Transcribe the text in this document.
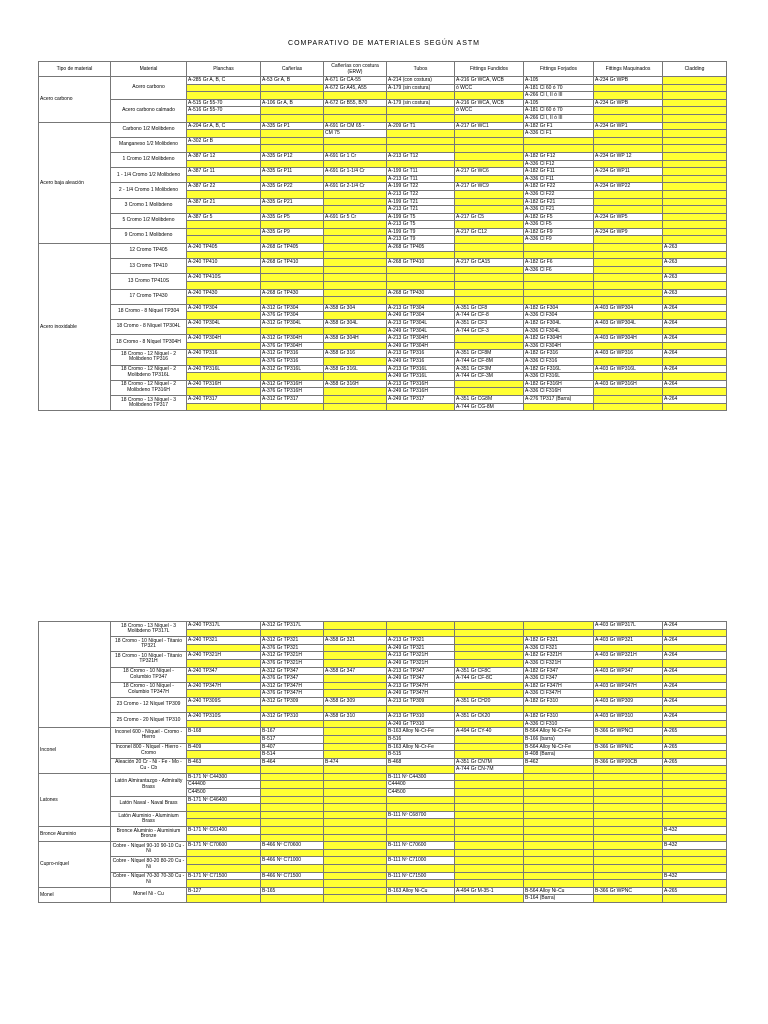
COMPARATIVO DE MATERIALES SEGÚN ASTM
Tipo de material	Material	Planchas	Cañerías	Cañerías con costura (ERW)	Tubos	Fittings Fundidos	Fittings Forjados	Fittings Maquinados	Cladding
Acero carbono	Acero carbono	A-285 Gr A, B, C	A-53 Gr A, B	A-671 Gr CA-55	A-214 (con costura)	A-216 Gr WCA, WCB	A-105	A-234 Gr WPB	
				A-672 Gr A45, A55	A-179 (sin costura)	ó WCC	A-181 Cl 60 ó 70		
							A-266 Cl I, II ó III		
	Acero carbono calmado	A-515 Gr 55-70	A-106 Gr A, B	A-672 Gr B55, B70	A-179 (sin costura)	A-216 Gr WCA, WCB	A-105	A-234 Gr WPB	
		A-516 Gr 55-70				ó WCC	A-181 Cl 60 ó 70		
							A-266 Cl I, II ó III		
Acero baja aleación	Carbono 1/2 Molibdeno	A-204 Gr A, B, C	A-335 Gr P1	A-691 Gr CM 65 -	A-209 Gr T1	A-217 Gr WC1	A-182 Gr F1	A-234 Gr WP1	
				CM 75			A-336 Cl F1		
	Manganeso 1/2 Molibdeno	A-302 Gr B							

	1 Cromo 1/2 Molibdeno	A-387 Gr 12	A-335 Gr P12	A-691 Gr 1 Cr	A-213 Gr T12		A-182 Gr F12	A-234 Gr WP 12	
							A-336 Cl F12		
	1 - 1/4 Cromo 1/2 Molibdeno	A-387 Gr 11	A-335 Gr P11	A-691 Gr 1-1/4 Cr	A-199 Gr T11	A-217 Gr WC6	A-182 Gr F11	A-234 Gr WP11	
					A-213 Gr T11		A-336 Cl F11		
	2 - 1/4 Cromo 1 Molibdeno	A-387 Gr 22	A-335 Gr P22	A-691 Gr 2-1/4 Cr	A-199 Gr T22	A-217 Gr WC9	A-182 Gr F22	A-234 Gr WP22	
					A-213 Gr T22		A-336 Cl F22		
	3 Cromo 1 Molibdeno	A-387 Gr 21	A-335 Gr P21		A-199 Gr T21		A-182 Gr F21		
					A-213 Gr T21		A-336 Cl F21		
	5 Cromo 1/2 Molibdeno	A-387 Gr 5	A-335 Gr P5	A-691 Gr 5 Cr	A-199 Gr T5	A-217 Gr C5	A-182 Gr F5	A-234 Gr WP5	
					A-213 Gr T5		A-336 Cl F5		
	9 Cromo 1 Molibdeno		A-335 Gr P9		A-199 Gr T9	A-217 Gr C12	A-182 Gr F9	A-234 Gr WP9	
					A-213 Gr T9		A-336 Cl F9		
Acero inoxidable	12 Cromo TP405	A-240 TP405	A-268 Gr TP405		A-268 Gr TP405				A-263

	13 Cromo TP410	A-240 TP410	A-268 Gr TP410		A-268 Gr TP410	A-217 Gr CA15	A-182 Gr F6		A-263
							A-336 Cl F6		
	13 Cromo TP410S	A-240 TP410S							A-263

	17 Cromo TP430	A-240 TP430	A-268 Gr TP430		A-268 Gr TP430				A-263

	18 Cromo - 8 Níquel TP304	A-240 TP304	A-312 Gr TP304	A-358 Gr 304	A-213 Gr TP304	A-351 Gr CF8	A-182 Gr F304	A-403 Gr WP304	A-264
			A-376 Gr TP304		A-249 Gr TP304	A-744 Gr CF-8	A-336 Cl F304		
	18 Cromo - 8 Níquel TP304L	A-240 TP304L	A-312 Gr TP304L	A-358 Gr 304L	A-213 Gr TP304L	A-351 Gr CF3	A-182 Gr F304L	A-403 Gr WP304L	A-264
					A-249 Gr TP304L	A-744 Gr CF-3	A-336 Cl F304L		
	18 Cromo - 8 Níquel TP304H	A-240 TP304H	A-312 Gr TP304H	A-358 Gr 304H	A-213 Gr TP304H		A-182 Gr F304H	A-403 Gr WP304H	A-264
			A-376 Gr TP304H		A-249 Gr TP304H		A-336 Cl F304H		
	18 Cromo - 12 Níquel - 2 Molibdeno TP316	A-240 TP316	A-312 Gr TP316	A-358 Gr 316	A-213 Gr TP316	A-351 Gr CF8M	A-182 Gr F316	A-403 Gr WP316	A-264
			A-376 Gr TP316		A-249 Gr TP316	A-744 Gr CF-8M	A-336 Cl F316		
	18 Cromo - 12 Níquel - 2 Molibdeno TP316L	A-240 TP316L	A-312 Gr TP316L	A-358 Gr 316L	A-213 Gr TP316L	A-351 Gr CF3M	A-182 Gr F316L	A-403 Gr WP316L	A-264
					A-249 Gr TP316L	A-744 Gr CF-3M	A-336 Cl F316L		
	18 Cromo - 12 Níquel - 2 Molibdeno TP316H	A-240 TP316H	A-312 Gr TP316H	A-358 Gr 316H	A-213 Gr TP316H		A-182 Gr F316H	A-403 Gr WP316H	A-264
			A-376 Gr TP316H		A-249 Gr TP316H		A-336 Cl F316H		
	18 Cromo - 13 Níquel - 3 Molibdeno TP317	A-240 TP317	A-312 Gr TP317		A-249 Gr TP317	A-351 Gr CG8M	A-276 TP317 (Barra)		A-264
						A-744 Gr CG-8M			
	18 Cromo - 13 Níquel - 3 Molibdeno TP317L	A-240 TP317L	A-312 Gr TP317L					A-403 Gr WP317L	A-264

	18 Cromo - 10 Níquel - Titanio TP321	A-240 TP321	A-312 Gr TP321	A-358 Gr 321	A-213 Gr TP321		A-182 Gr F321	A-403 Gr WP321	A-264
			A-376 Gr TP321		A-249 Gr TP321		A-336 Cl F321		
	18 Cromo - 10 Níquel - Titanio TP321H	A-240 TP321H	A-312 Gr TP321H		A-213 Gr TP321H		A-182 Gr F321H	A-403 Gr WP321H	A-264
			A-376 Gr TP321H		A-249 Gr TP321H		A-336 Cl F321H		
	18 Cromo - 10 Níquel - Columbio TP347	A-240 TP347	A-312 Gr TP347	A-358 Gr 347	A-213 Gr TP347	A-351 Gr CF8C	A-182 Gr F347	A-403 Gr WP347	A-264
			A-376 Gr TP347		A-249 Gr TP347	A-744 Gr CF-8C	A-336 Cl F347		
	18 Cromo - 10 Níquel - Columbio TP347H	A-240 TP347H	A-312 Gr TP347H		A-213 Gr TP347H		A-182 Gr F347H	A-403 Gr WP347H	A-264
			A-376 Gr TP347H		A-249 Gr TP347H		A-336 Cl F347H		
	23 Cromo - 12 Níquel TP309	A-240 TP309S	A-312 Gr TP309	A-358 Gr 309	A-213 Gr TP309	A-351 Gr CH20	A-182 Gr F310	A-403 Gr WP309	A-264

	25 Cromo - 20 Níquel TP310	A-240 TP310S	A-312 Gr TP310	A-358 Gr 310	A-213 Gr TP310	A-351 Gr CK20	A-182 Gr F310	A-403 Gr WP310	A-264
					A-249 Gr TP310		A-336 Cl F310		
Inconel	Inconel 600 - Níquel - Cromo - Hierro	B-168	B-167		B-163 Alloy Ni-Cr-Fe	A-494 Gr CY-40	B-564 Alloy Ni-Cr-Fe	B-366 Gr WPNCI	A-265
			B-517		B-516		B-166 (barra)		
	Inconel 800 - Níquel - Hierro - Cromo	B-409	B-407		B-163 Alloy Ni-Cr-Fe		B-564 Alloy Ni-Cr-Fe	B-366 Gr WPNIC	A-265
			B-514		B-515		B-408 (Barra)		
	Aleación 20 Cr - Ni - Fe - Mo - Cu - Cb	B-463	B-464	B-474	B-468	A-351 Gr CN7M	B-462	B-366 Gr WP20CB	A-265
						A-744 Gr CN-7M			
Latones	Latón Almirantazgo - Admiralty Brass	B-171 Nº C44300			B-111 Nº C44300				
		C44400			C44400				
		C44500			C44500				
	Latón Naval - Naval Brass	B-171 Nº C46400							

	Latón Aluminio - Aluminium Brass				B-111 Nº C68700				

Bronce Aluminio	Bronce Aluminio - Aluminium Bronze	B-171 Nº C61400							B-432

Cupro-níquel	Cobre - Níquel 90-10 90-10 Cu - Ni	B-171 Nº C70600	B-466 Nº C70600		B-111 Nº C70600				B-432

	Cobre - Níquel 80-20 80-20 Cu - Ni		B-466 Nº C71000		B-111 Nº C71000				

	Cobre - Níquel 70-30 70-30 Cu - Ni	B-171 Nº C71500	B-466 Nº C71500		B-111 Nº C71500				B-432

Monel	Monel Ni - Cu	B-127	B-165		B-163 Alloy Ni-Cu	A-494 Gr M-35-1	B-564 Alloy Ni-Cu	B-366 Gr WPNC	A-265
							B-164 (Barra)		
